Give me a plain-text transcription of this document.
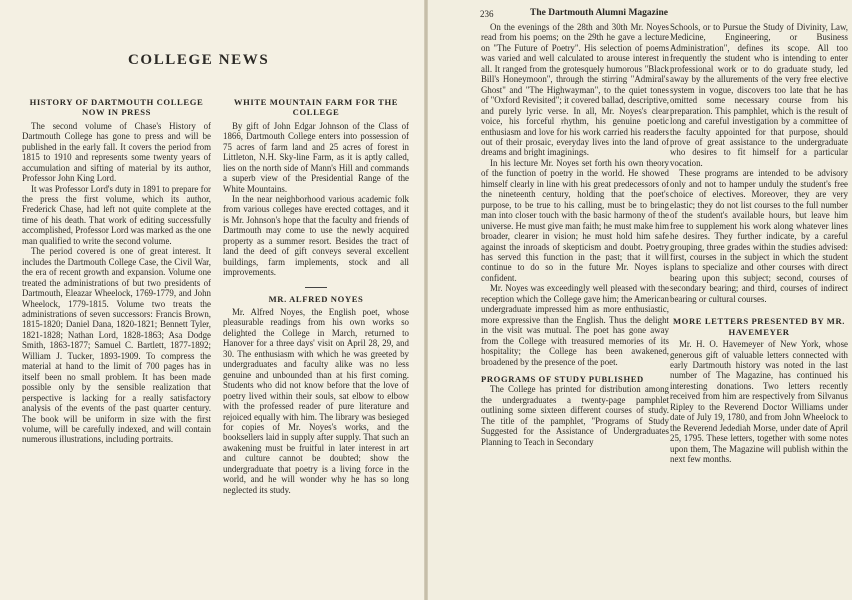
COLLEGE NEWS
HISTORY OF DARTMOUTH COLLEGE NOW IN PRESS

The second volume of Chase's History of Dartmouth College has gone to press and will be published in the early fall. It covers the period from 1815 to 1910 and represents some twenty years of accumulation and sifting of material by its author, Professor John King Lord.

It was Professor Lord's duty in 1891 to prepare for the press the first volume, which its author, Frederick Chase, had left not quite complete at the time of his death. That work of editing successfully accomplished, Professor Lord was marked as the one man qualified to write the second volume.

The period covered is one of great interest. It includes the Dartmouth College Case, the Civil War, the era of recent growth and expansion. Volume one treated the administrations of but two presidents of Dartmouth, Eleazar Wheelock, 1769-1779, and John Wheelock, 1779-1815. Volume two treats the administrations of seven successors: Francis Brown, 1815-1820; Daniel Dana, 1820-1821; Bennett Tyler, 1821-1828; Nathan Lord, 1828-1863; Asa Dodge Smith, 1863-1877; Samuel C. Bartlett, 1877-1892; William J. Tucker, 1893-1909. To compress the material at hand to the limit of 700 pages has in itself been no small problem. It has been made possible only by the sensible realization that perspective is lacking for a really satisfactory analysis of the events of the past quarter century. The book will be uniform in size with the first volume, will be carefully indexed, and will contain numerous illustrations, including portraits.

WHITE MOUNTAIN FARM FOR THE COLLEGE

By gift of John Edgar Johnson of the Class of 1866, Dartmouth College enters into possession of 75 acres of farm land and 25 acres of forest in Littleton, N.H. Sky-line Farm, as it is aptly called, lies on the north side of Mann's Hill and commands a superb view of the Presidential Range of the White Mountains.

In the near neighborhood various academic folk from various colleges have erected cottages, and it is Mr. Johnson's hope that the faculty and friends of Dartmouth may come to use the newly acquired property as a summer resort. Besides the tract of land the deed of gift conveys several excellent buildings, farm implements, stock and all improvements.

MR. ALFRED NOYES

Mr. Alfred Noyes, the English poet, whose pleasurable readings from his own works so delighted the College in March, returned to Hanover for a three days' visit on April 28, 29, and 30. The enthusiasm with which he was greeted by undergraduates and faculty alike was no less genuine and unbounded than at his first coming. Students who did not know before that the love of poetry lived within their souls, sat elbow to elbow with the professed reader of pure literature and rejoiced equally with him. The library was besieged for copies of Mr. Noyes's works, and the booksellers laid in supply after supply. That such an awakening must be fruitful in later interest in art and culture cannot be doubted; show the undergraduate that poetry is a living force in the world, and he will wonder why he has so long neglected its study.

236	The Dartmouth Alumni Magazine

On the evenings of the 28th and 30th Mr. Noyes read from his poems; on the 29th he gave a lecture on "The Future of Poetry". His selection of poems was varied and well calculated to arouse interest in all. It ranged from the grotesquely humorous "Black Bill's Honeymoon", through the stirring "Admiral's Ghost" and "The Highwayman", to the quiet tones of "Oxford Revisited"; it covered ballad, descriptive, and purely lyric verse. In all, Mr. Noyes's clear voice, his forceful rhythm, his genuine poetic enthusiasm and love for his work carried his readers out of their prosaic, everyday lives into the land of dreams and bright imaginings.

In his lecture Mr. Noyes set forth his own theory of the function of poetry in the world. He showed himself clearly in line with his great predecessors of the nineteenth century, holding that the poet's purpose, to be true to his calling, must be to bring man into closer touch with the basic harmony of the universe. He must give man faith; he must make him broader, clearer in vision; he must hold him safe against the inroads of skepticism and doubt. Poetry has served this function in the past; that it will continue to do so in the future Mr. Noyes is confident.

Mr. Noyes was exceedingly well pleased with the reception which the College gave him; the American undergraduate impressed him as more enthusiastic, more expressive than the English. Thus the delight in the visit was mutual. The poet has gone away from the College with treasured memories of its hospitality; the College has been awakened, broadened by the presence of the poet.

PROGRAMS OF STUDY PUBLISHED

The College has printed for distribution among the undergraduates a twenty-page pamphlet outlining some sixteen different courses of study. The title of the pamphlet, "Programs of Study Suggested for the Assistance of Undergraduates Planning to Teach in Secondary

Schools, or to Pursue the Study of Divinity, Law, Medicine, Engineering, or Business Administration", defines its scope. All too frequently the student who is intending to enter professional work or to do graduate study, led away by the allurements of the very free elective system in vogue, discovers too late that he has omitted some necessary course from his preparation. This pamphlet, which is the result of long and careful investigation by a committee of the faculty appointed for that purpose, should prove of great assistance to the undergraduate who desires to fit himself for a particular vocation.

These programs are intended to be advisory only and not to hamper unduly the student's free choice of electives. Moreover, they are very elastic; they do not list courses to the full number of the student's available hours, but leave him free to supplement his work along whatever lines he desires. They further indicate, by a careful grouping, three grades within the studies advised: first, courses in the subject in which the student plans to specialize and other courses with direct bearing upon this subject; second, courses of secondary bearing; and third, courses of indirect bearing or cultural courses.

MORE LETTERS PRESENTED BY MR. HAVEMEYER

Mr. H. O. Havemeyer of New York, whose generous gift of valuable letters connected with early Dartmouth history was noted in the last number of The Magazine, has continued his interesting donations. Two letters recently received from him are respectively from Silvanus Ripley to the Reverend Doctor Williams under date of July 19, 1780, and from John Wheelock to the Reverend Jedediah Morse, under date of April 25, 1795. These letters, together with some notes upon them, The Magazine will publish within the next few months.
